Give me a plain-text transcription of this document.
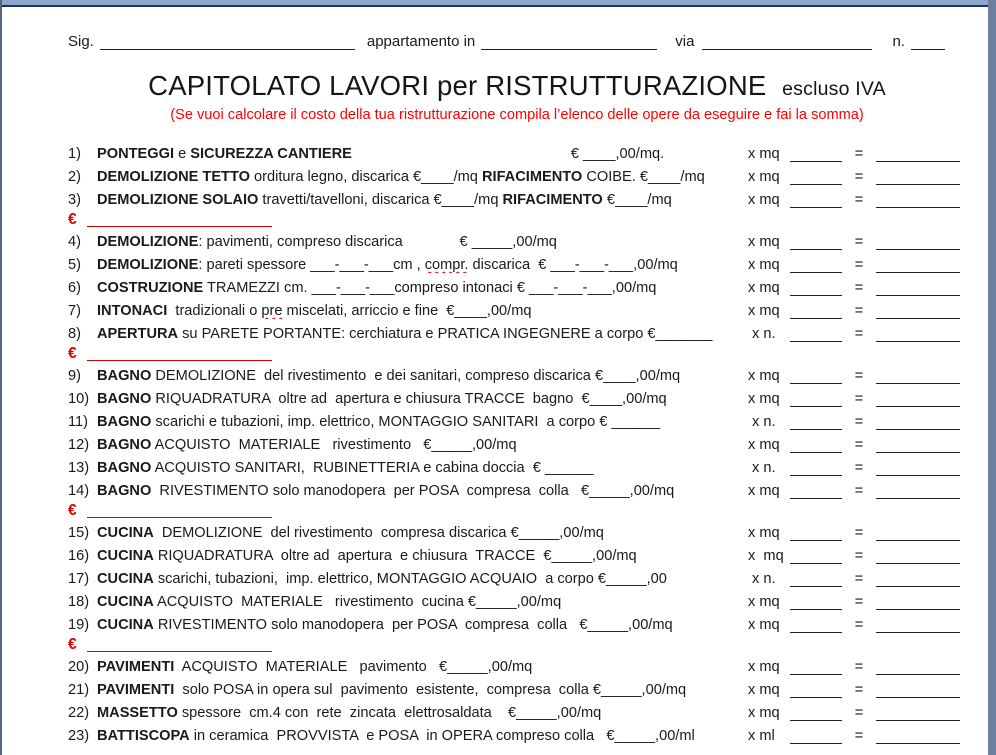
Sig.	appartamento in	via	n.
CAPITOLATO LAVORI per RISTRUTTURAZIONE escluso IVA
(Se vuoi calcolare il costo della tua ristrutturazione compila l’elenco delle opere da eseguire e fai la somma)
1) PONTEGGI e SICUREZZA CANTIERE                                                      € ____,00/mq.	x mq	=
2) DEMOLIZIONE TETTO orditura legno, discarica €____/mq RIFACIMENTO COIBE. €____/mq	x mq	=
3) DEMOLIZIONE SOLAIO travetti/tavelloni, discarica €____/mq RIFACIMENTO €____/mq	x mq	=
€
4) DEMOLIZIONE: pavimenti, compreso discarica              € _____,00/mq	x mq	=
5) DEMOLIZIONE: pareti spessore ___-___-___cm , compr. discarica  € ___-___-___,00/mq	x mq	=
6) COSTRUZIONE TRAMEZZI cm. ___-___-___compreso intonaci € ___-___-___,00/mq	x mq	=
7) INTONACI  tradizionali o pre miscelati, arriccio e fine  €____,00/mq	x mq	=
8) APERTURA su PARETE PORTANTE: cerchiatura e PRATICA INGEGNERE a corpo €_______	x n.	=
€
9) BAGNO DEMOLIZIONE  del rivestimento  e dei sanitari, compreso discarica €____,00/mq	x mq	=
10) BAGNO RIQUADRATURA  oltre ad  apertura e chiusura TRACCE  bagno  €____,00/mq	x mq	=
11) BAGNO scarichi e tubazioni, imp. elettrico, MONTAGGIO SANITARI  a corpo € ______	x n.	=
12) BAGNO ACQUISTO  MATERIALE   rivestimento   €_____,00/mq	x mq	=
13) BAGNO ACQUISTO SANITARI,  RUBINETTERIA e cabina doccia  € ______	x n.	=
14) BAGNO  RIVESTIMENTO solo manodopera  per POSA  compresa  colla   €_____,00/mq	x mq	=
€
15) CUCINA  DEMOLIZIONE  del rivestimento  compresa discarica €_____,00/mq	x mq	=
16) CUCINA RIQUADRATURA  oltre ad  apertura  e chiusura  TRACCE  €_____,00/mq	x  mq	=
17) CUCINA scarichi, tubazioni,  imp. elettrico, MONTAGGIO ACQUAIO  a corpo €_____,00	x n.	=
18) CUCINA ACQUISTO  MATERIALE   rivestimento  cucina €_____,00/mq	x mq	=
19) CUCINA RIVESTIMENTO solo manodopera  per POSA  compresa  colla   €_____,00/mq	x mq	=
€
20) PAVIMENTI  ACQUISTO  MATERIALE   pavimento   €_____,00/mq	x mq	=
21) PAVIMENTI  solo POSA in opera sul  pavimento  esistente,  compresa  colla €_____,00/mq	x mq	=
22) MASSETTO spessore  cm.4 con  rete  zincata  elettrosaldata    €_____,00/mq	x mq	=
23) BATTISCOPA in ceramica  PROVVISTA  e POSA  in OPERA compreso colla   €_____,00/ml	x ml	=
